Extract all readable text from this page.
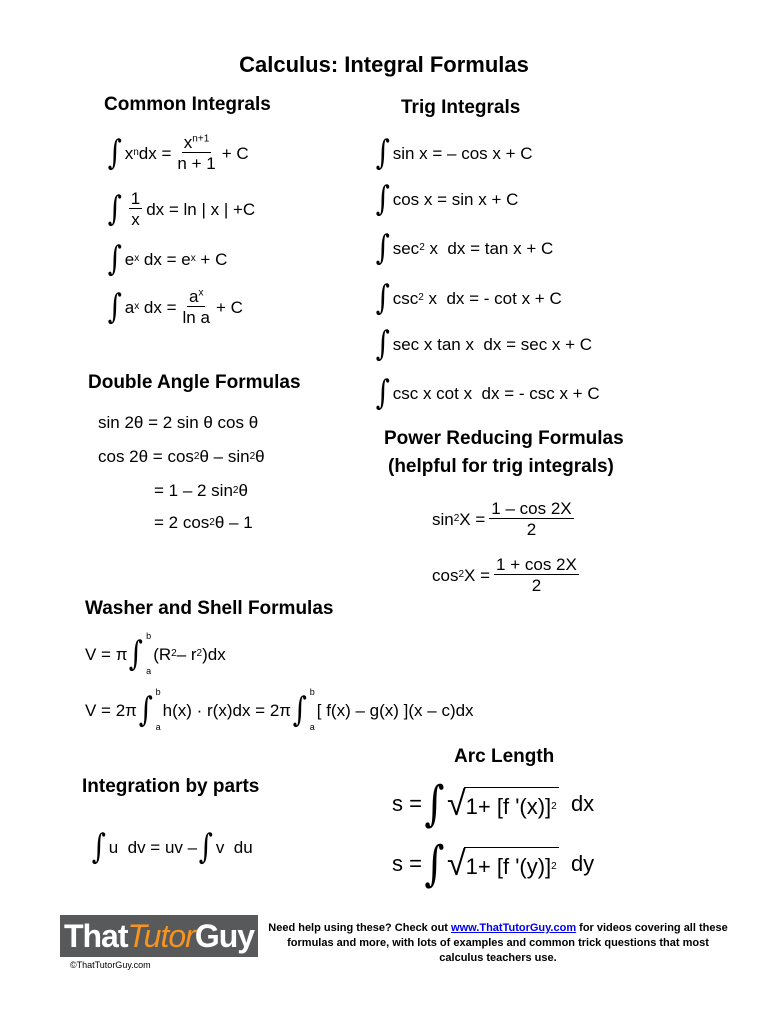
Calculus: Integral Formulas
Common Integrals
∫ x n dx = $\frac{x^{n+1}}{n + 1} + C$
∫ $\frac{1}{x}$ dx = ln | x | +C
∫ e x dx = e x + C
∫ a x dx = $\frac{a^x}{\text{ln a}} + C$
Trig Integrals
∫ sin x = – cos x + C
∫ cos x = sin x + C
∫ sec 2 x  dx = tan x + C
∫ csc 2 x  dx = - cot x + C
∫ sec x tan x  dx = sec x + C
∫ csc x cot x  dx = - csc x + C
Double Angle Formulas
sin 2θ = 2 sin θ cos θ
cos 2θ = cos 2 θ – sin 2 θ
= 1 – 2 sin 2 θ
= 2 cos 2 θ – 1
Power Reducing Formulas
(helpful for trig integrals)
sin 2 $X = \frac{1 - \cos 2X}{2}$
cos 2 $X = \frac{1 + \cos 2X}{2}$
Washer and Shell Formulas
V = π ∫ b
a
(R 2 – r 2 )dx
V = 2π ∫ b
a
h(x) · r(x)dx = 2π ∫ b
a
[ f(x) – g(x) ](x – c)dx
Arc Length
s = ∫ √ 1+ [f '(x)] 2 dx
s = ∫ √ 1+ [f '(y)] 2 dy
Integration by parts
∫ u  dv = uv – ∫ v  du
ThatTutorGuy
©ThatTutorGuy.com
Need help using these? Check out www.ThatTutorGuy.com for videos covering all these formulas and more, with lots of examples and common trick questions that most calculus teachers use.
